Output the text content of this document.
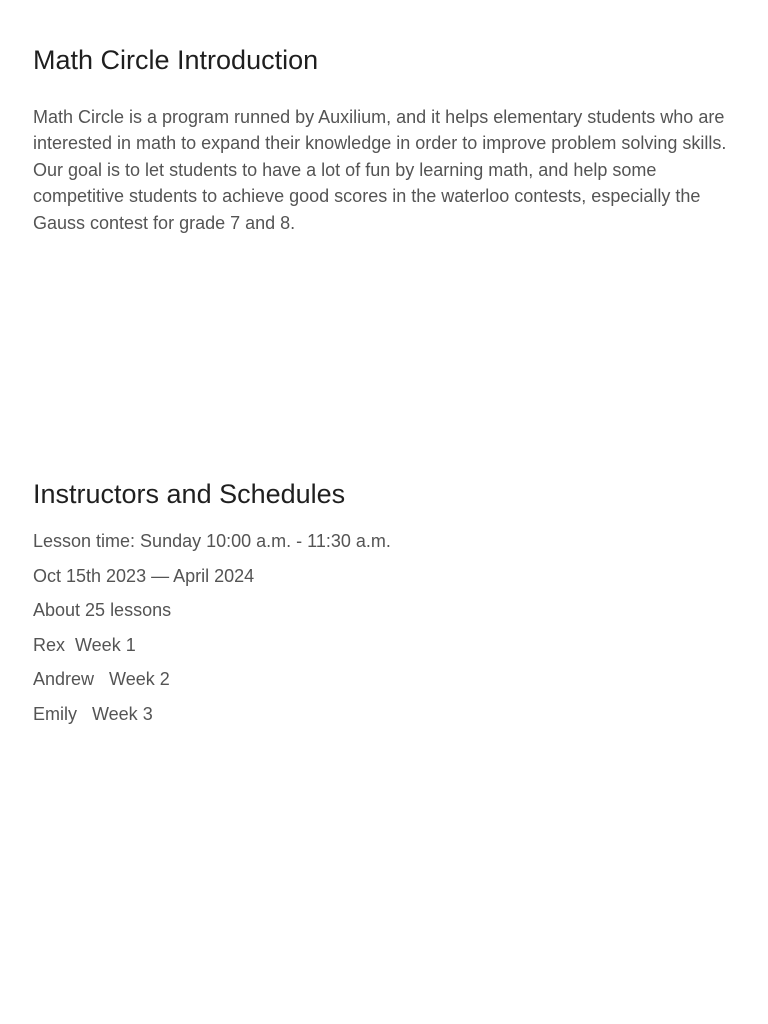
Math Circle Introduction

Math Circle is a program runned by Auxilium, and it helps elementary students who are interested in math to expand their knowledge in order to improve problem solving skills. Our goal is to let students to have a lot of fun by learning math, and help some competitive students to achieve good scores in the waterloo contests, especially the Gauss contest for grade 7 and 8.

Instructors and Schedules
Lesson time: Sunday 10:00 a.m. - 11:30 a.m.
Oct 15th 2023 — April 2024
About 25 lessons
Rex  Week 1
Andrew   Week 2
Emily   Week 3
